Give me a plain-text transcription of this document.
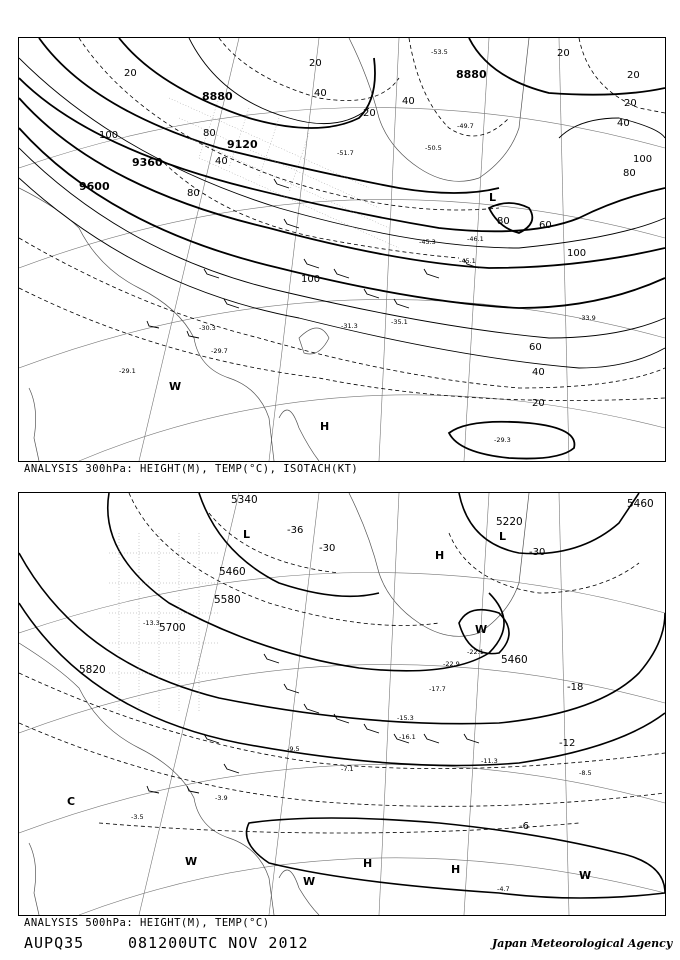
8880
9120
9360
9600
8880
20
100
80
100
80
20
40
40
20
20
20
20
40
100
80
100
60
60
40
20
80
40
-29.3
-29.7
-29.1
-30.3	-31.3	-35.1	-33.9
-45.1
-46.1
-45.3
-51.7
-49.7
-53.5
-50.5
L
H
W
ANALYSIS 300hPa: HEIGHT(M), TEMP(°C), ISOTACH(KT)
5340
5220
5460
5460
5580
5700
5820
5460
-36
-30	-30
-18
-12
-6
-17.7
-16.1
-22.9
-22.1
-15.3
-11.3
-8.5
-4.7
-3.9
-3.5
-9.5
-7.1
-13.3
L	L
C
H
H	H
W
W	W
W
ANALYSIS 500hPa: HEIGHT(M), TEMP(°C)
AUPQ35	081200UTC NOV 2012	Japan Meteorological Agency
